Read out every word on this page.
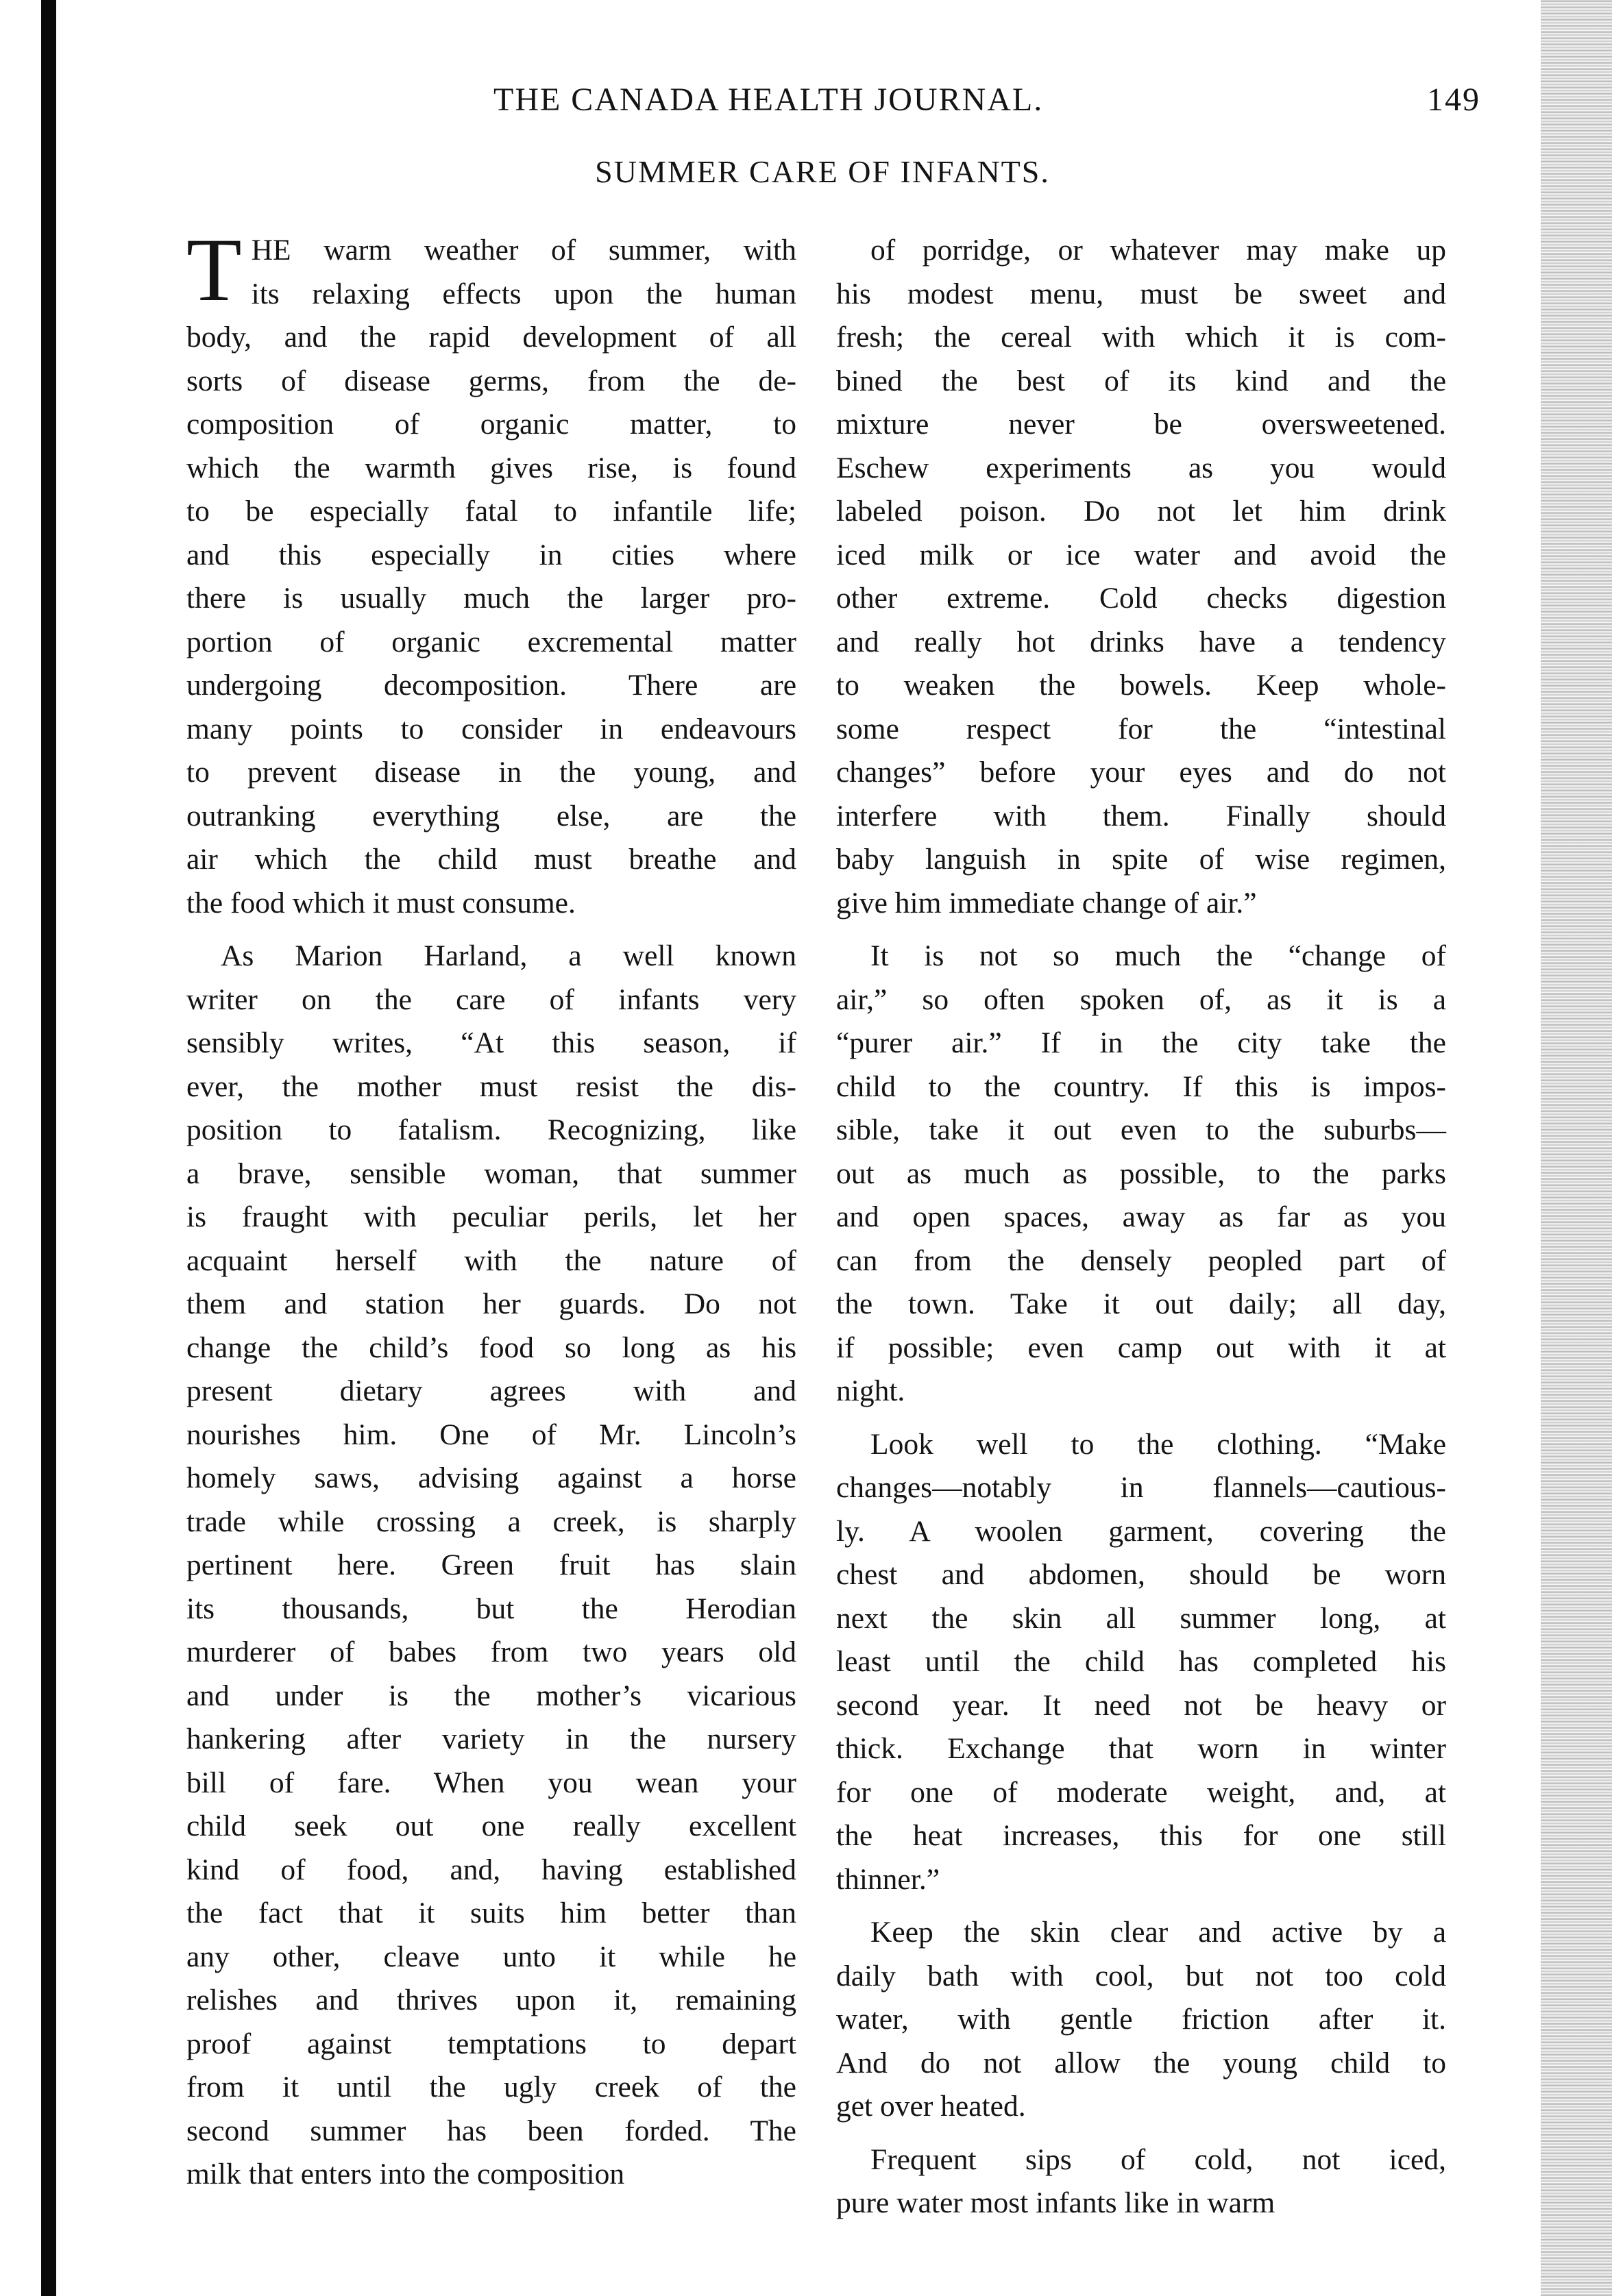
THE CANADA HEALTH JOURNAL.	149
SUMMER CARE OF INFANTS.
T HE warm weather of summer, with
its relaxing effects upon the human
body, and the rapid development of all
sorts of disease germs, from the de-
composition of organic matter, to
which the warmth gives rise, is found
to be especially fatal to infantile life;
and this especially in cities where
there is usually much the larger pro-
portion of organic excremental matter
undergoing decomposition. There are
many points to consider in endeavours
to prevent disease in the young, and
outranking everything else, are the
air which the child must breathe and
the food which it must consume.
As Marion Harland, a well known
writer on the care of infants very
sensibly writes, “At this season, if
ever, the mother must resist the dis-
position to fatalism. Recognizing, like
a brave, sensible woman, that summer
is fraught with peculiar perils, let her
acquaint herself with the nature of
them and station her guards. Do not
change the child’s food so long as his
present dietary agrees with and
nourishes him. One of Mr. Lincoln’s
homely saws, advising against a horse
trade while crossing a creek, is sharply
pertinent here. Green fruit has slain
its thousands, but the Herodian
murderer of babes from two years old
and under is the mother’s vicarious
hankering after variety in the nursery
bill of fare. When you wean your
child seek out one really excellent
kind of food, and, having established
the fact that it suits him better than
any other, cleave unto it while he
relishes and thrives upon it, remaining
proof against temptations to depart
from it until the ugly creek of the
second summer has been forded. The
milk that enters into the composition
of porridge, or whatever may make up
his modest menu, must be sweet and
fresh; the cereal with which it is com-
bined the best of its kind and the
mixture never be oversweetened.
Eschew experiments as you would
labeled poison. Do not let him drink
iced milk or ice water and avoid the
other extreme. Cold checks digestion
and really hot drinks have a tendency
to weaken the bowels. Keep whole-
some respect for the “intestinal
changes” before your eyes and do not
interfere with them. Finally should
baby languish in spite of wise regimen,
give him immediate change of air.”
It is not so much the “change of
air,” so often spoken of, as it is a
“purer air.” If in the city take the
child to the country. If this is impos-
sible, take it out even to the suburbs—
out as much as possible, to the parks
and open spaces, away as far as you
can from the densely peopled part of
the town. Take it out daily; all day,
if possible; even camp out with it at
night.
Look well to the clothing. “Make
changes—notably in flannels—cautious-
ly. A woolen garment, covering the
chest and abdomen, should be worn
next the skin all summer long, at
least until the child has completed his
second year. It need not be heavy or
thick. Exchange that worn in winter
for one of moderate weight, and, at
the heat increases, this for one still
thinner.”
Keep the skin clear and active by a
daily bath with cool, but not too cold
water, with gentle friction after it.
And do not allow the young child to
get over heated.
Frequent sips of cold, not iced,
pure water most infants like in warm
